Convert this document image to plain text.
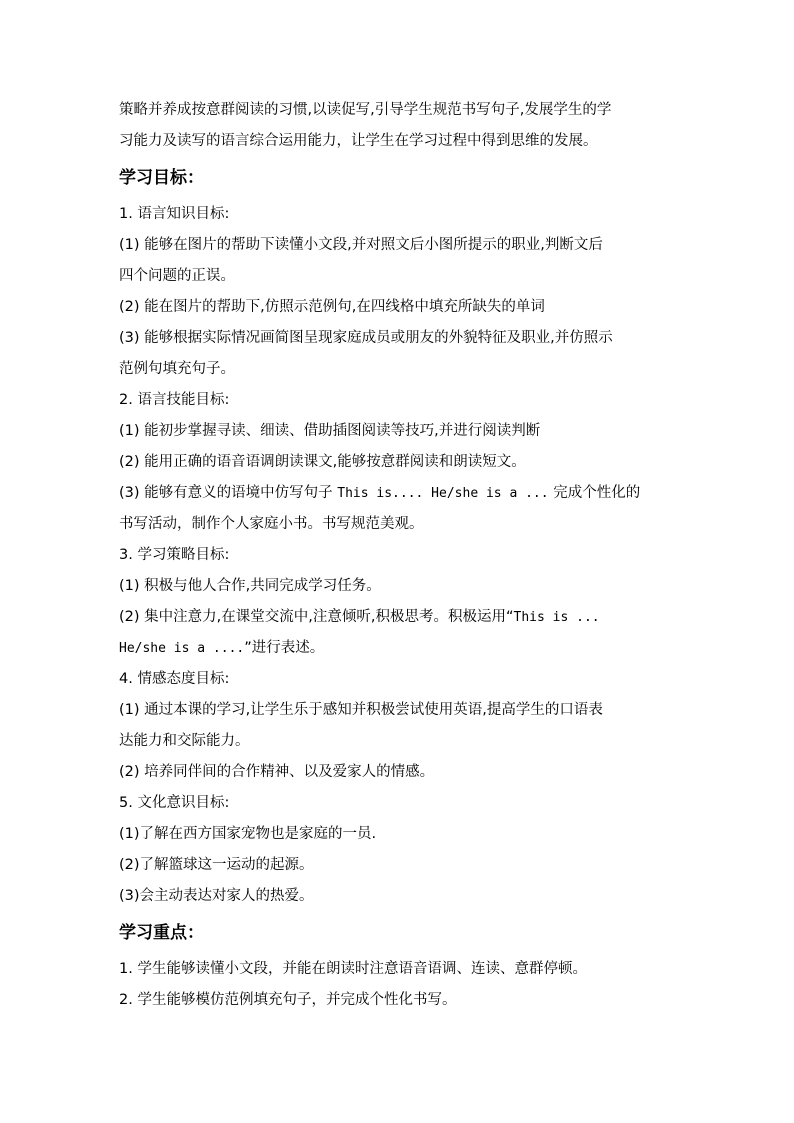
策略并养成按意群阅读的习惯,以读促写,引导学生规范书写句子,发展学生的学

习能力及读写的语言综合运用能力，让学生在学习过程中得到思维的发展。

学习目标：

1. 语言知识目标:

(1) 能够在图片的帮助下读懂小文段,并对照文后小图所提示的职业,判断文后

四个问题的正误。

(2) 能在图片的帮助下,仿照示范例句,在四线格中填充所缺失的单词

(3) 能够根据实际情况画简图呈现家庭成员或朋友的外貌特征及职业,并仿照示

范例句填充句子。

2. 语言技能目标:

(1) 能初步掌握寻读、细读、借助插图阅读等技巧,并进行阅读判断

(2) 能用正确的语音语调朗读课文,能够按意群阅读和朗读短文。

(3) 能够有意义的语境中仿写句子 This is.... He/she is a ... 完成个性化的

书写活动，制作个人家庭小书。书写规范美观。

3. 学习策略目标:

(1) 积极与他人合作,共同完成学习任务。

(2) 集中注意力,在课堂交流中,注意倾听,积极思考。积极运用“This is ...

He/she is a ....”进行表述。

4. 情感态度目标:

(1) 通过本课的学习,让学生乐于感知并积极尝试使用英语,提高学生的口语表

达能力和交际能力。

(2) 培养同伴间的合作精神、以及爱家人的情感。

5. 文化意识目标:

(1)了解在西方国家宠物也是家庭的一员.

(2)了解篮球这一运动的起源。

(3)会主动表达对家人的热爱。

学习重点：

1. 学生能够读懂小文段，并能在朗读时注意语音语调、连读、意群停顿。

2. 学生能够模仿范例填充句子，并完成个性化书写。
